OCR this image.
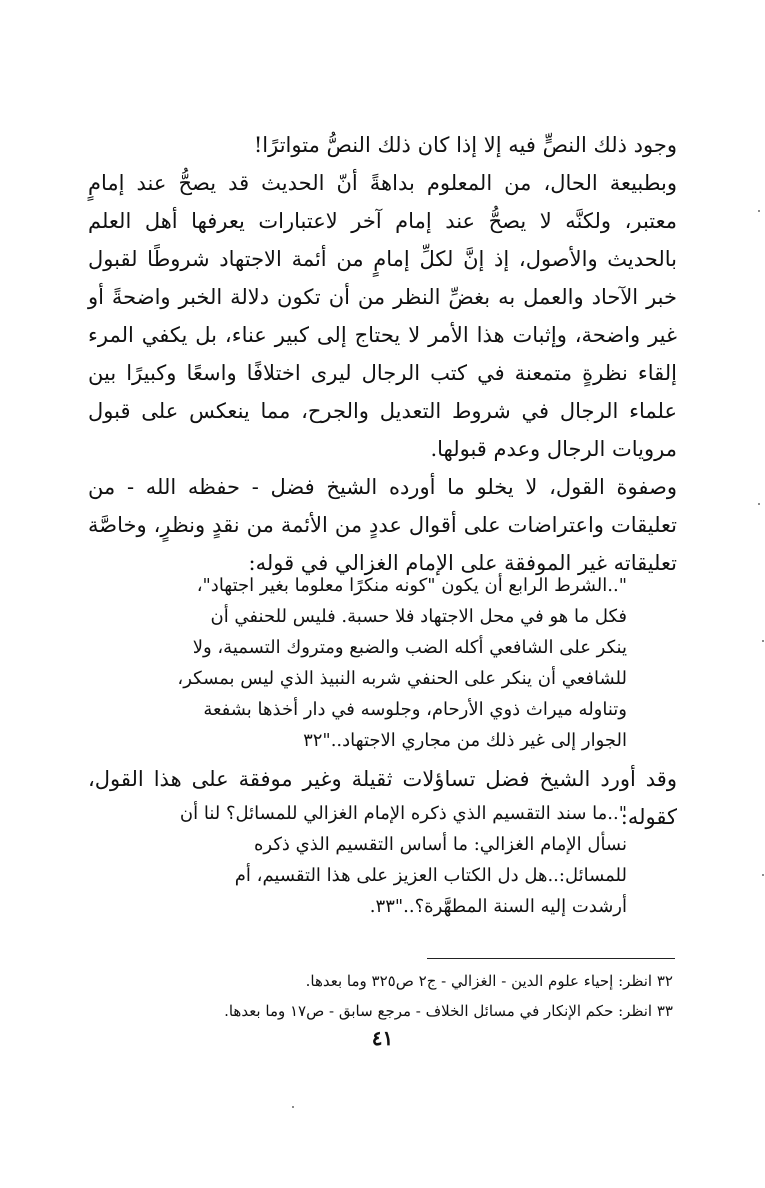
وجود ذلك النصٍّ فيه إلا إذا كان ذلك النصُّ متواترًا!

وبطبيعة الحال، من المعلوم بداهةً أنّ الحديث قد يصحُّ عند إمامٍ معتبر، ولكنَّه لا يصحُّ عند إمام آخر لاعتبارات يعرفها أهل العلم بالحديث والأصول، إذ إنَّ لكلِّ إمامٍ من أئمة الاجتهاد شروطًا لقبول خبر الآحاد والعمل به بغضِّ النظر من أن تكون دلالة الخبر واضحةً أو غير واضحة، وإثبات هذا الأمر لا يحتاج إلى كبير عناء، بل يكفي المرء إلقاء نظرةٍ متمعنة في كتب الرجال ليرى اختلافًا واسعًا وكبيرًا بين علماء الرجال في شروط التعديل والجرح، مما ينعكس على قبول مرويات الرجال وعدم قبولها.

وصفوة القول، لا يخلو ما أورده الشيخ فضل - حفظه الله - من تعليقات واعتراضات على أقوال عددٍ من الأئمة من نقدٍ ونظرٍ، وخاصَّة تعليقاته غير الموفقة على الإمام الغزالي في قوله:

"..الشرط الرابع أن يكون "كونه منكرًا معلوما بغير اجتهاد"،
فكل ما هو في محل الاجتهاد فلا حسبة. فليس للحنفي أن
ينكر على الشافعي أكله الضب والضبع ومتروك التسمية، ولا
للشافعي أن ينكر على الحنفي شربه النبيذ الذي ليس بمسكر،
وتناوله ميراث ذوي الأرحام، وجلوسه في دار أخذها بشفعة
الجوار إلى غير ذلك من مجاري الاجتهاد.."٣٢

وقد أورد الشيخ فضل تساؤلات ثقيلة وغير موفقة على هذا القول، كقوله:

"..ما سند التقسيم الذي ذكره الإمام الغزالي للمسائل؟ لنا أن
نسأل الإمام الغزالي: ما أساس التقسيم الذي ذكره
للمسائل:..هل دل الكتاب العزيز على هذا التقسيم، أم
أرشدت إليه السنة المطهَّرة؟.."٣٣.
٣٢ انظر: إحياء علوم الدين - الغزالي - ج٢ ص٣٢٥ وما بعدها.
٣٣ انظر: حكم الإنكار في مسائل الخلاف - مرجع سابق - ص١٧ وما بعدها.
٤١
